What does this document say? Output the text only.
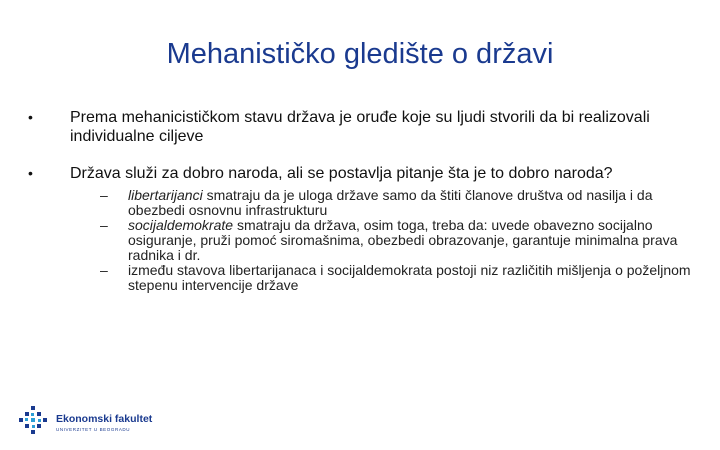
Mehanističko gledište o državi
•	Prema mehanicističkom stavu država je oruđe koje su ljudi stvorili da bi realizovali individualne ciljeve
•	Država služi za dobro naroda, ali se postavlja pitanje šta je to dobro naroda?
– libertarijanci smatraju da je uloga države samo da štiti članove društva od nasilja i da obezbedi osnovnu infrastrukturu
– socijaldemokrate smatraju da država, osim toga, treba da: uvede obavezno socijalno osiguranje, pruži pomoć siromašnima, obezbedi obrazovanje, garantuje minimalna prava radnika i dr.
– između stavova libertarijanaca i socijaldemokrata postoji niz različitih mišljenja o poželjnom stepenu intervencije države
Ekonomski fakultet
UNIVERZITET U BEOGRADU
